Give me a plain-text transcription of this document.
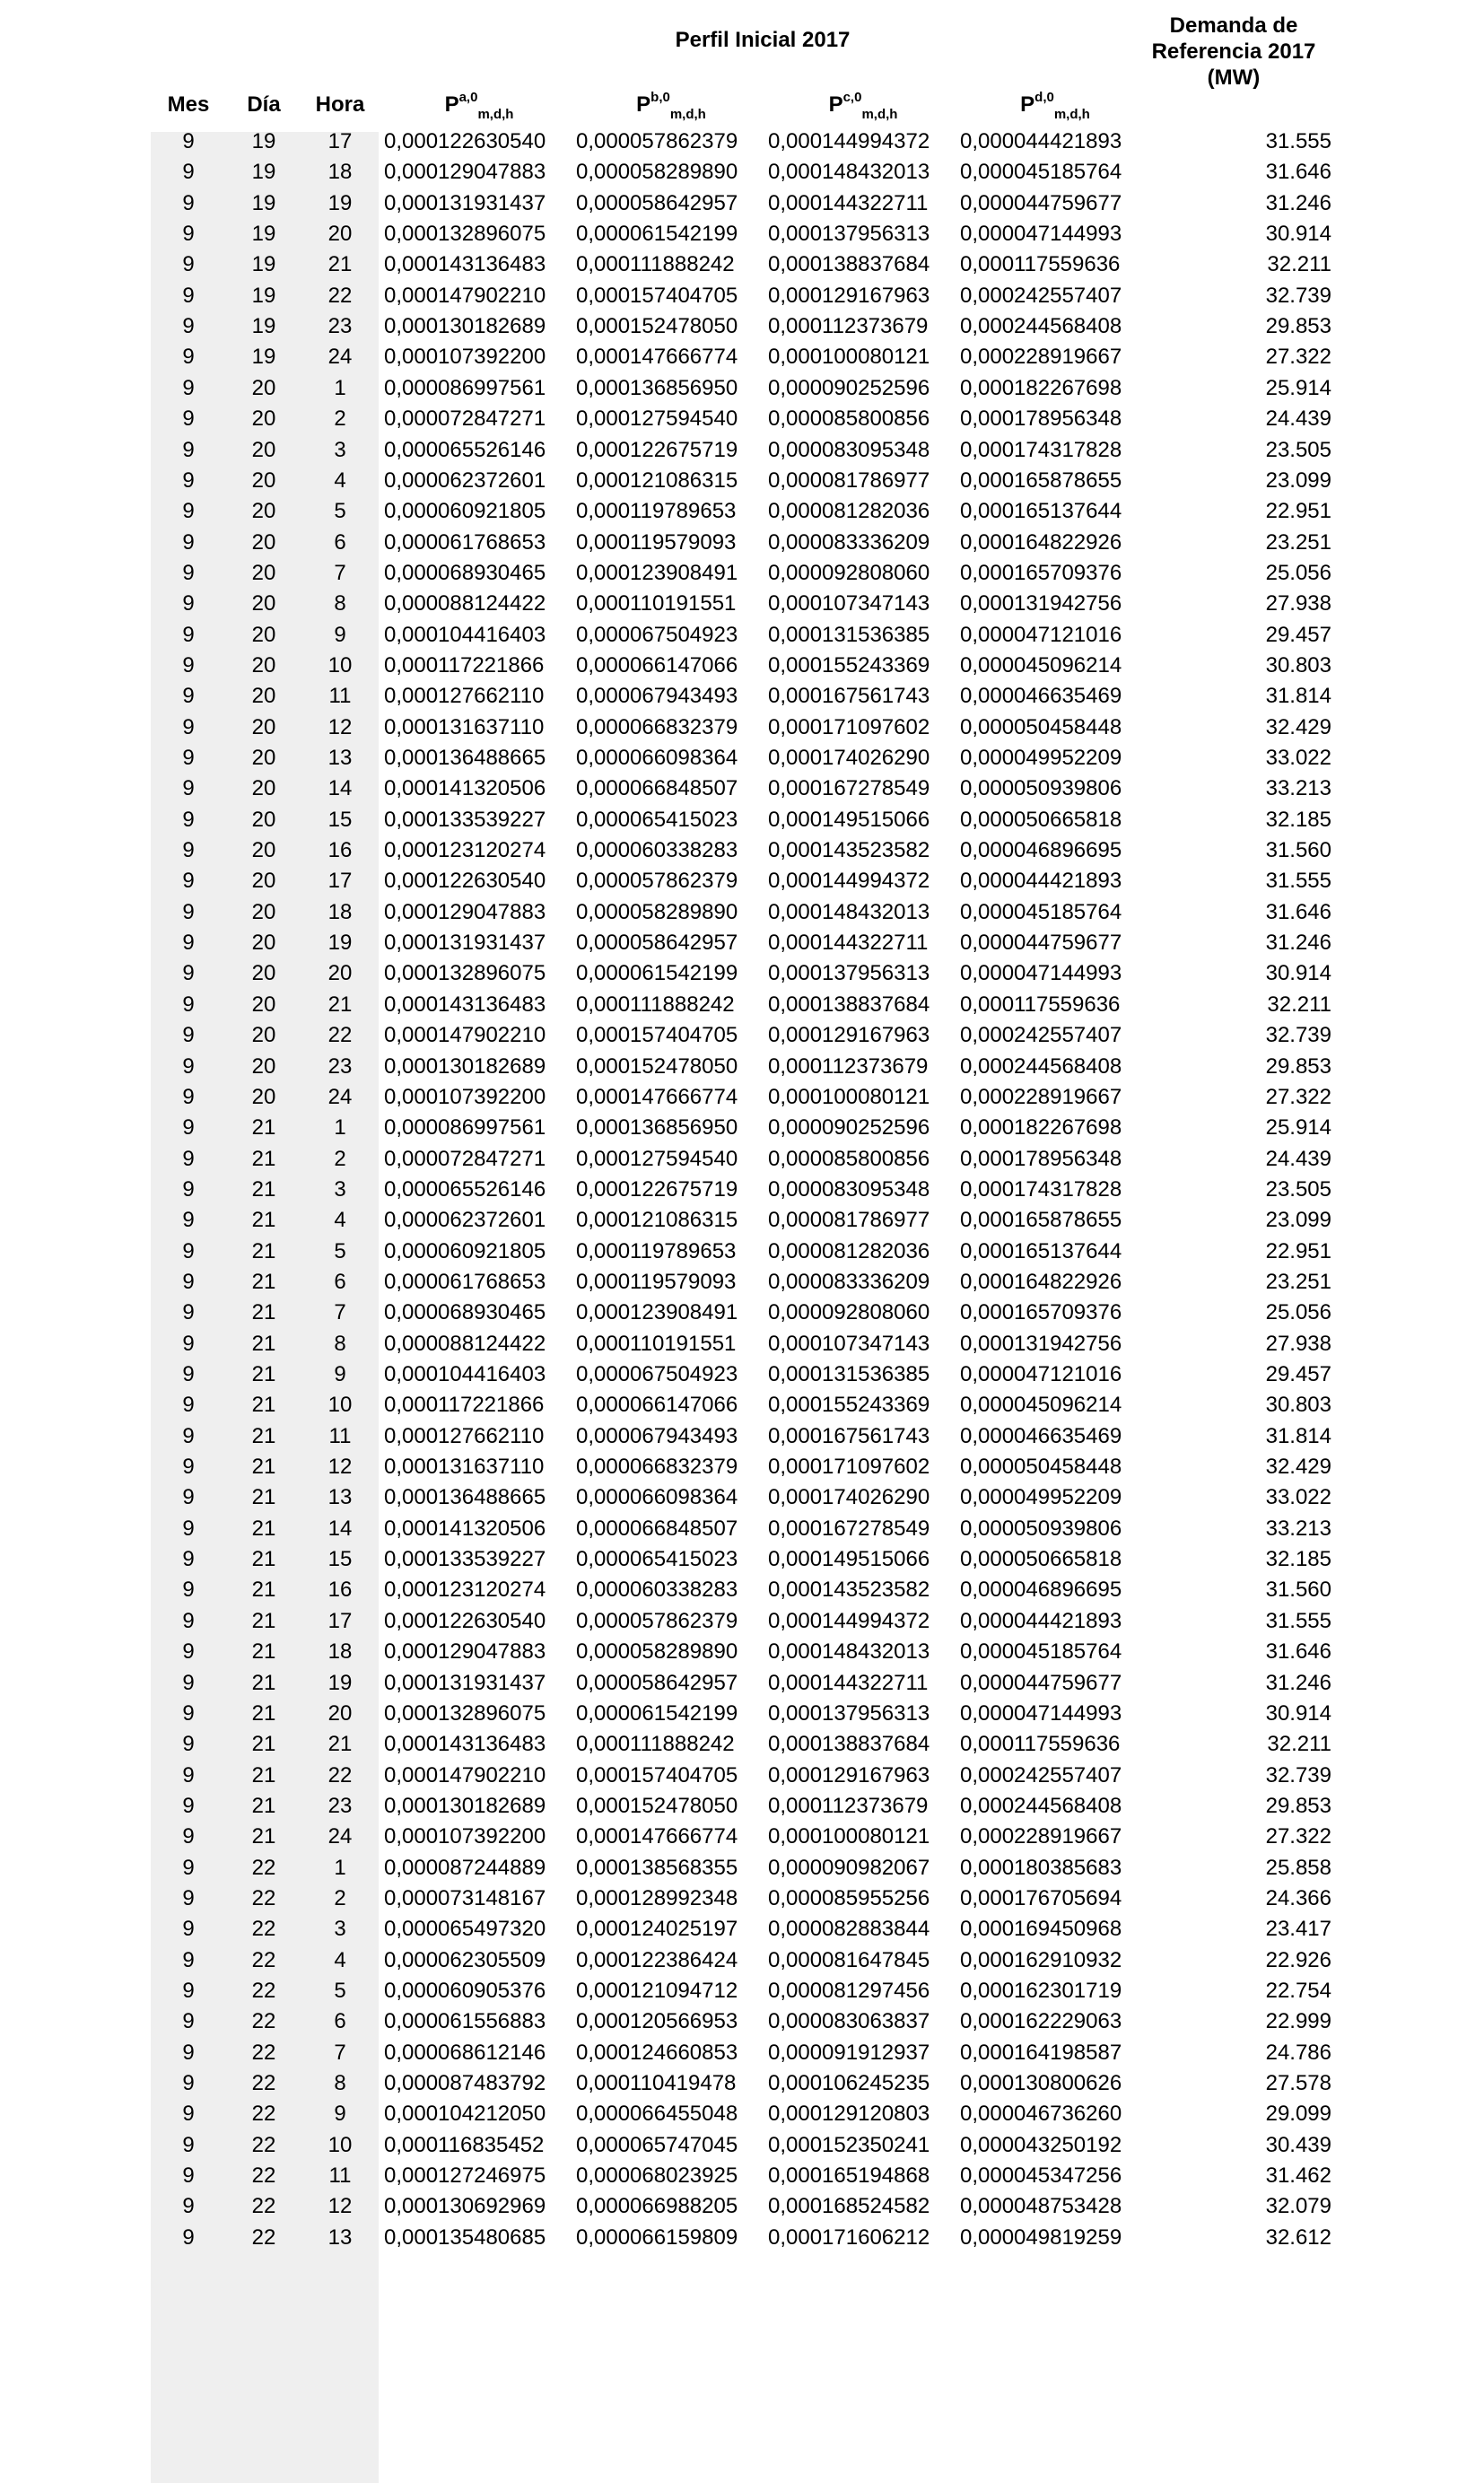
Perfil Inicial 2017
Demanda de
Referencia 2017
(MW)
Mes	Día	Hora	P$^{a,0}_{m,d,h}$	P$^{b,0}_{m,d,h}$	P$^{c,0}_{m,d,h}$	P$^{d,0}_{m,d,h}$
9	19	17	0,000122630540	0,000057862379	0,000144994372	0,000044421893	31.555
9	19	18	0,000129047883	0,000058289890	0,000148432013	0,000045185764	31.646
9	19	19	0,000131931437	0,000058642957	0,000144322711	0,000044759677	31.246
9	19	20	0,000132896075	0,000061542199	0,000137956313	0,000047144993	30.914
9	19	21	0,000143136483	0,000111888242	0,000138837684	0,000117559636	32.211
9	19	22	0,000147902210	0,000157404705	0,000129167963	0,000242557407	32.739
9	19	23	0,000130182689	0,000152478050	0,000112373679	0,000244568408	29.853
9	19	24	0,000107392200	0,000147666774	0,000100080121	0,000228919667	27.322
9	20	1	0,000086997561	0,000136856950	0,000090252596	0,000182267698	25.914
9	20	2	0,000072847271	0,000127594540	0,000085800856	0,000178956348	24.439
9	20	3	0,000065526146	0,000122675719	0,000083095348	0,000174317828	23.505
9	20	4	0,000062372601	0,000121086315	0,000081786977	0,000165878655	23.099
9	20	5	0,000060921805	0,000119789653	0,000081282036	0,000165137644	22.951
9	20	6	0,000061768653	0,000119579093	0,000083336209	0,000164822926	23.251
9	20	7	0,000068930465	0,000123908491	0,000092808060	0,000165709376	25.056
9	20	8	0,000088124422	0,000110191551	0,000107347143	0,000131942756	27.938
9	20	9	0,000104416403	0,000067504923	0,000131536385	0,000047121016	29.457
9	20	10	0,000117221866	0,000066147066	0,000155243369	0,000045096214	30.803
9	20	11	0,000127662110	0,000067943493	0,000167561743	0,000046635469	31.814
9	20	12	0,000131637110	0,000066832379	0,000171097602	0,000050458448	32.429
9	20	13	0,000136488665	0,000066098364	0,000174026290	0,000049952209	33.022
9	20	14	0,000141320506	0,000066848507	0,000167278549	0,000050939806	33.213
9	20	15	0,000133539227	0,000065415023	0,000149515066	0,000050665818	32.185
9	20	16	0,000123120274	0,000060338283	0,000143523582	0,000046896695	31.560
9	20	17	0,000122630540	0,000057862379	0,000144994372	0,000044421893	31.555
9	20	18	0,000129047883	0,000058289890	0,000148432013	0,000045185764	31.646
9	20	19	0,000131931437	0,000058642957	0,000144322711	0,000044759677	31.246
9	20	20	0,000132896075	0,000061542199	0,000137956313	0,000047144993	30.914
9	20	21	0,000143136483	0,000111888242	0,000138837684	0,000117559636	32.211
9	20	22	0,000147902210	0,000157404705	0,000129167963	0,000242557407	32.739
9	20	23	0,000130182689	0,000152478050	0,000112373679	0,000244568408	29.853
9	20	24	0,000107392200	0,000147666774	0,000100080121	0,000228919667	27.322
9	21	1	0,000086997561	0,000136856950	0,000090252596	0,000182267698	25.914
9	21	2	0,000072847271	0,000127594540	0,000085800856	0,000178956348	24.439
9	21	3	0,000065526146	0,000122675719	0,000083095348	0,000174317828	23.505
9	21	4	0,000062372601	0,000121086315	0,000081786977	0,000165878655	23.099
9	21	5	0,000060921805	0,000119789653	0,000081282036	0,000165137644	22.951
9	21	6	0,000061768653	0,000119579093	0,000083336209	0,000164822926	23.251
9	21	7	0,000068930465	0,000123908491	0,000092808060	0,000165709376	25.056
9	21	8	0,000088124422	0,000110191551	0,000107347143	0,000131942756	27.938
9	21	9	0,000104416403	0,000067504923	0,000131536385	0,000047121016	29.457
9	21	10	0,000117221866	0,000066147066	0,000155243369	0,000045096214	30.803
9	21	11	0,000127662110	0,000067943493	0,000167561743	0,000046635469	31.814
9	21	12	0,000131637110	0,000066832379	0,000171097602	0,000050458448	32.429
9	21	13	0,000136488665	0,000066098364	0,000174026290	0,000049952209	33.022
9	21	14	0,000141320506	0,000066848507	0,000167278549	0,000050939806	33.213
9	21	15	0,000133539227	0,000065415023	0,000149515066	0,000050665818	32.185
9	21	16	0,000123120274	0,000060338283	0,000143523582	0,000046896695	31.560
9	21	17	0,000122630540	0,000057862379	0,000144994372	0,000044421893	31.555
9	21	18	0,000129047883	0,000058289890	0,000148432013	0,000045185764	31.646
9	21	19	0,000131931437	0,000058642957	0,000144322711	0,000044759677	31.246
9	21	20	0,000132896075	0,000061542199	0,000137956313	0,000047144993	30.914
9	21	21	0,000143136483	0,000111888242	0,000138837684	0,000117559636	32.211
9	21	22	0,000147902210	0,000157404705	0,000129167963	0,000242557407	32.739
9	21	23	0,000130182689	0,000152478050	0,000112373679	0,000244568408	29.853
9	21	24	0,000107392200	0,000147666774	0,000100080121	0,000228919667	27.322
9	22	1	0,000087244889	0,000138568355	0,000090982067	0,000180385683	25.858
9	22	2	0,000073148167	0,000128992348	0,000085955256	0,000176705694	24.366
9	22	3	0,000065497320	0,000124025197	0,000082883844	0,000169450968	23.417
9	22	4	0,000062305509	0,000122386424	0,000081647845	0,000162910932	22.926
9	22	5	0,000060905376	0,000121094712	0,000081297456	0,000162301719	22.754
9	22	6	0,000061556883	0,000120566953	0,000083063837	0,000162229063	22.999
9	22	7	0,000068612146	0,000124660853	0,000091912937	0,000164198587	24.786
9	22	8	0,000087483792	0,000110419478	0,000106245235	0,000130800626	27.578
9	22	9	0,000104212050	0,000066455048	0,000129120803	0,000046736260	29.099
9	22	10	0,000116835452	0,000065747045	0,000152350241	0,000043250192	30.439
9	22	11	0,000127246975	0,000068023925	0,000165194868	0,000045347256	31.462
9	22	12	0,000130692969	0,000066988205	0,000168524582	0,000048753428	32.079
9	22	13	0,000135480685	0,000066159809	0,000171606212	0,000049819259	32.612
